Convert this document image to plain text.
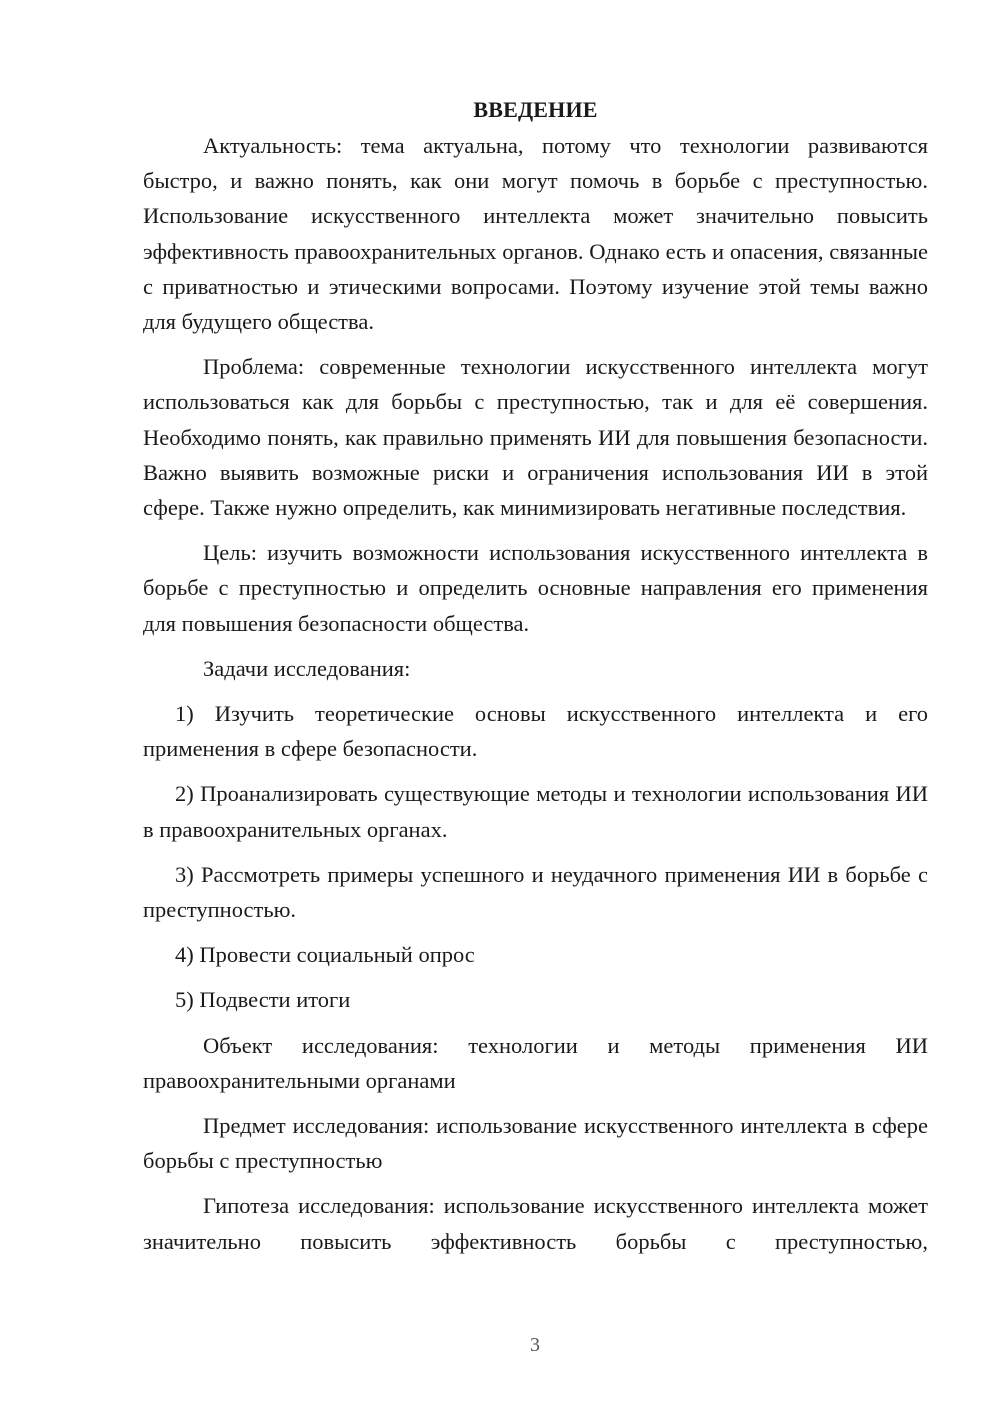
ВВЕДЕНИЕ

Актуальность: тема актуальна, потому что технологии развиваются быстро, и важно понять, как они могут помочь в борьбе с преступностью. Использование искусственного интеллекта может значительно повысить эффективность правоохранительных органов. Однако есть и опасения, связанные с приватностью и этическими вопросами. Поэтому изучение этой темы важно для будущего общества.

Проблема: современные технологии искусственного интеллекта могут использоваться как для борьбы с преступностью, так и для её совершения. Необходимо понять, как правильно применять ИИ для повышения безопасности. Важно выявить возможные риски и ограничения использования ИИ в этой сфере. Также нужно определить, как минимизировать негативные последствия.

Цель: изучить возможности использования искусственного интеллекта в борьбе с преступностью и определить основные направления его применения для повышения безопасности общества.

Задачи исследования:

1) Изучить теоретические основы искусственного интеллекта и его применения в сфере безопасности.

2) Проанализировать существующие методы и технологии использования ИИ в правоохранительных органах.

3) Рассмотреть примеры успешного и неудачного применения ИИ в борьбе с преступностью.

4) Провести социальный опрос

5) Подвести итоги

Объект исследования: технологии и методы применения ИИ правоохранительными органами

Предмет исследования: использование искусственного интеллекта в сфере борьбы с преступностью

Гипотеза исследования: использование искусственного интеллекта может значительно повысить эффективность борьбы с преступностью,

3
